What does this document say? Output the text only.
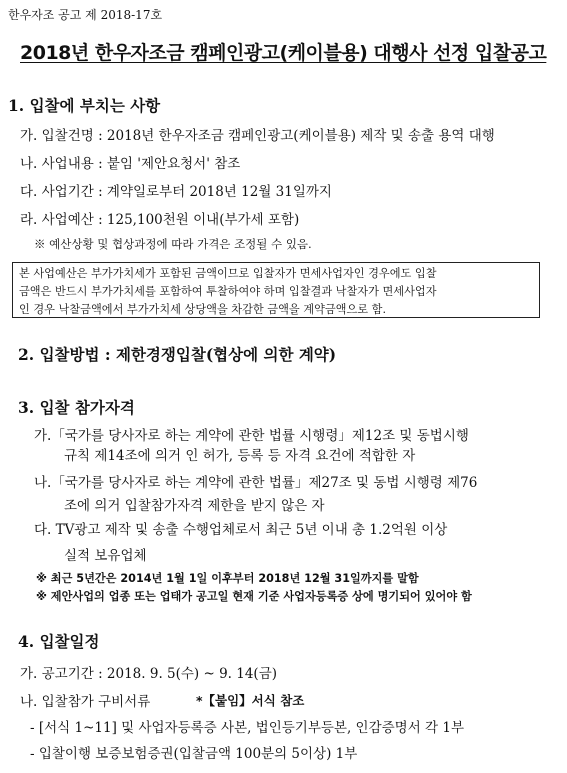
한우자조 공고 제 2018-17호
2018년 한우자조금 캠페인광고(케이블용) 대행사 선정 입찰공고
1. 입찰에 부치는 사항
가. 입찰건명 : 2018년 한우자조금 캠페인광고(케이블용) 제작 및 송출 용역 대행
나. 사업내용 : 붙임 '제안요청서' 참조
다. 사업기간 : 계약일로부터 2018년 12월 31일까지
라. 사업예산 : 125,100천원 이내(부가세 포함)
※ 예산상황 및 협상과정에 따라 가격은 조정될 수 있음.
본 사업예산은 부가가치세가 포함된 금액이므로 입찰자가 면세사업자인 경우에도 입찰
금액은 반드시 부가가치세를 포함하여 투찰하여야 하며 입찰결과 낙찰자가 면세사업자
인 경우 낙찰금액에서 부가가치세 상당액을 차감한 금액을 계약금액으로 함.
2. 입찰방법 : 제한경쟁입찰(협상에 의한 계약)
3. 입찰 참가자격
가.「국가를 당사자로 하는 계약에 관한 법률 시행령」제12조 및 동법시행
규칙 제14조에 의거 인 허가, 등록 등 자격 요건에 적합한 자
나.「국가를 당사자로 하는 계약에 관한 법률」제27조 및 동법 시행령 제76
조에 의거 입찰참가자격 제한을 받지 않은 자
다. TV광고 제작 및 송출 수행업체로서 최근 5년 이내 총 1.2억원 이상
실적 보유업체
※ 최근 5년간은 2014년 1월 1일 이후부터 2018년 12월 31일까지를 말함
※ 제안사업의 업종 또는 업태가 공고일 현재 기준 사업자등록증 상에 명기되어 있어야 함
4. 입찰일정
가. 공고기간 : 2018. 9. 5(수) ~ 9. 14(금)
나. 입찰참가 구비서류	*【붙임】서식 참조
- [서식 1~11] 및 사업자등록증 사본, 법인등기부등본, 인감증명서 각 1부
- 입찰이행 보증보험증권(입찰금액 100분의 5이상) 1부
